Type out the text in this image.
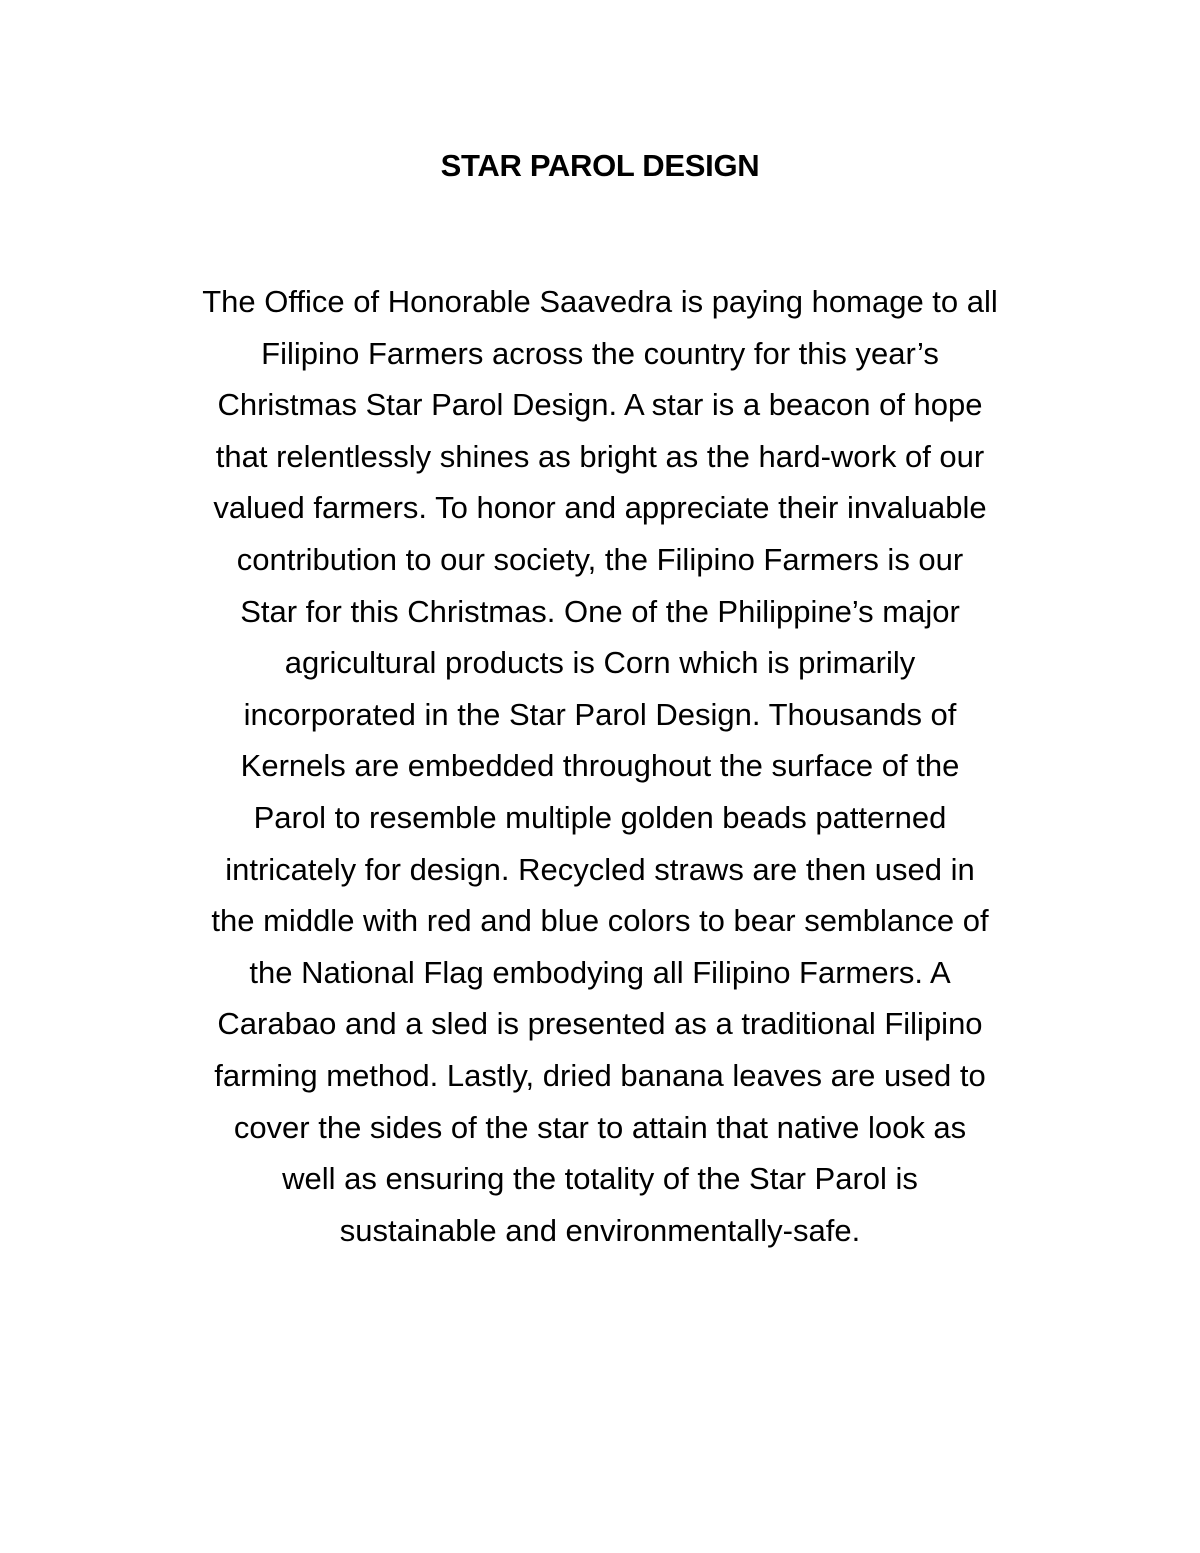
STAR PAROL DESIGN
The Office of Honorable Saavedra is paying homage to all
Filipino Farmers across the country for this year’s
Christmas Star Parol Design. A star is a beacon of hope
that relentlessly shines as bright as the hard-work of our
valued farmers. To honor and appreciate their invaluable
contribution to our society, the Filipino Farmers is our
Star for this Christmas. One of the Philippine’s major
agricultural products is Corn which is primarily
incorporated in the Star Parol Design. Thousands of
Kernels are embedded throughout the surface of the
Parol to resemble multiple golden beads patterned
intricately for design. Recycled straws are then used in
the middle with red and blue colors to bear semblance of
the National Flag embodying all Filipino Farmers. A
Carabao and a sled is presented as a traditional Filipino
farming method. Lastly, dried banana leaves are used to
cover the sides of the star to attain that native look as
well as ensuring the totality of the Star Parol is
sustainable and environmentally-safe.
